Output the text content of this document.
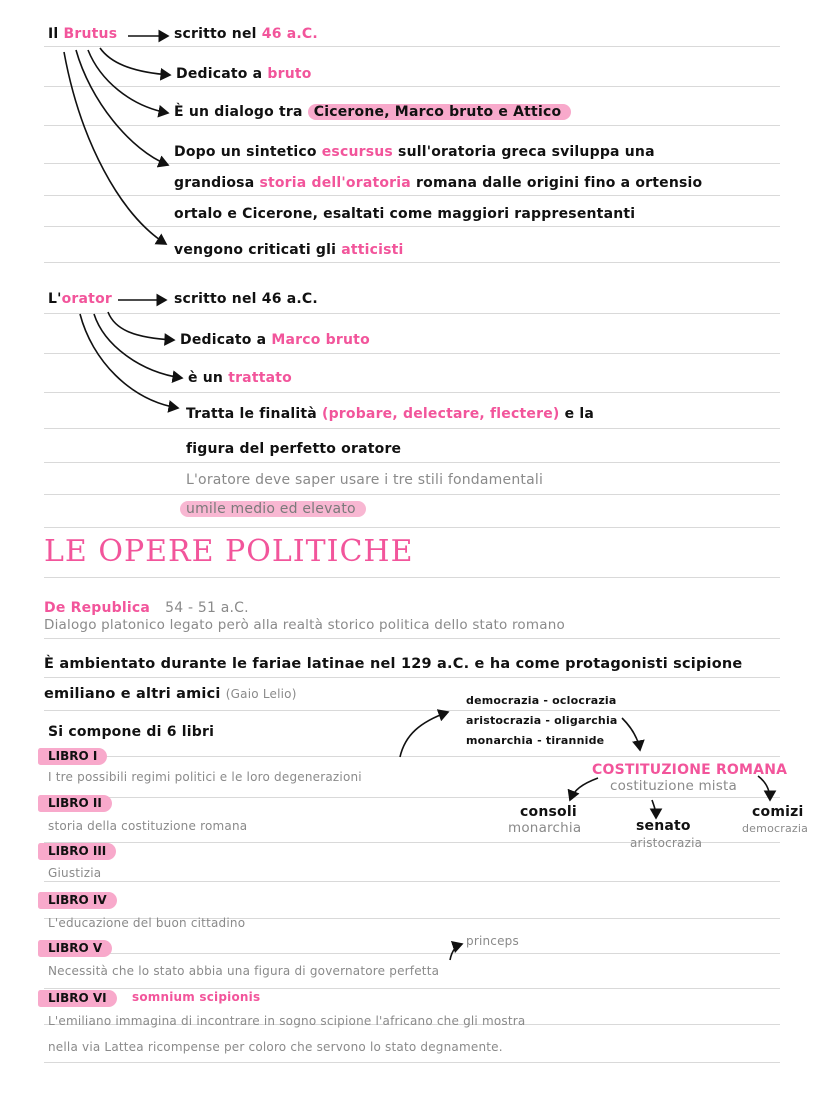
Il Brutus	scritto nel 46 a.C.
Dedicato a bruto
È un dialogo tra Cicerone, Marco bruto e Attico
Dopo un sintetico escursus sull'oratoria greca sviluppa una
grandiosa storia dell'oratoria romana dalle origini fino a ortensio
ortalo e Cicerone, esaltati come maggiori rappresentanti
vengono criticati gli atticisti
L'orator	scritto nel 46 a.C.
Dedicato a Marco bruto
è un trattato
Tratta le finalità (probare, delectare, flectere) e la
figura del perfetto oratore
L'oratore deve saper usare i tre stili fondamentali
umile medio ed elevato
LE OPERE POLITICHE
De Republica 54 - 51 a.C.
Dialogo platonico legato però alla realtà storico politica dello stato romano
È ambientato durante le fariae latinae nel 129 a.C. e ha come protagonisti scipione
emiliano e altri amici (Gaio Lelio)
Si compone di 6 libri
democrazia - oclocrazia
aristocrazia - oligarchia
monarchia - tirannide
COSTITUZIONE ROMANA
costituzione mista
consoli
monarchia	senato
aristocrazia
comizi
democrazia
LIBRO I
I tre possibili regimi politici e le loro degenerazioni
LIBRO II
storia della costituzione romana
LIBRO III
Giustizia
LIBRO IV
L'educazione del buon cittadino
LIBRO V
Necessità che lo stato abbia una figura di governatore perfetta
princeps
LIBRO VI	somnium scipionis
L'emiliano immagina di incontrare in sogno scipione l'africano che gli mostra
nella via Lattea ricompense per coloro che servono lo stato degnamente.
